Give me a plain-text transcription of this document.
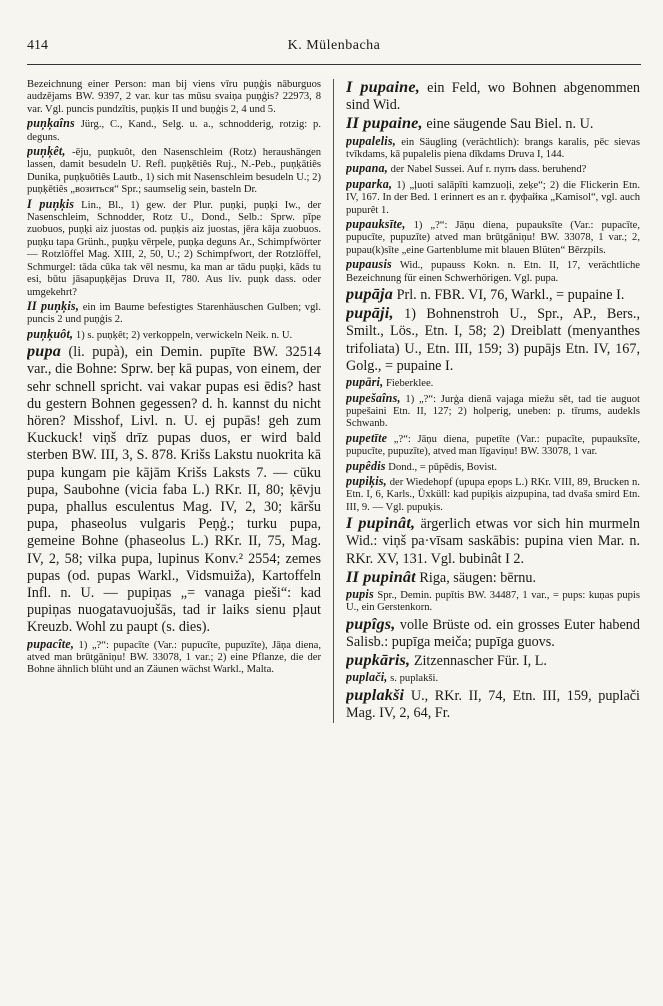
414	K. Mülenbacha

Bezeichnung einer Person: man bij viens vīru puņģis nāburguos audzējams BW. 9397, 2 var. kur tas mūsu svaiņa puņģis? 22973, 8 var. Vgl. puncis pundzītis, puņķis II und buņģis 2, 4 und 5.

puņķaîns Jürg., C., Kand., Selg. u. a., schnodderig, rotzig: p. deguns.

puņķêt, -ēju, puņkuôt, den Nasenschleim (Rotz) heraushängen lassen, damit besudeln U. Refl. puņķētiês Ruj., N.-Peb., puņķātiês Dunika, puņķuōtiês Lautb., 1) sich mit Nasenschleim besudeln U.; 2) puņķētiês „возиться“ Spr.; saumselig sein, basteln Dr.

I puņķis Lin., Bl., 1) gew. der Plur. puņķi, puņķi Iw., der Nasenschleim, Schnodder, Rotz U., Dond., Selb.: Sprw. pīpe zuobuos, puņķi aiz juostas od. puņķis aiz juostas, jēra kāja zuobuos. puņķu tapa Grünh., puņķu vērpele, puņķa deguns Ar., Schimpfwörter — Rotzlöffel Mag. XIII, 2, 50, U.; 2) Schimpfwort, der Rotzlöffel, Schmurgel: tāda cūka tak vēl nesmu, ka man ar tādu puņķi, kāds tu esi, būtu jāsapuņķējas Druva II, 780. Aus liv. puņk dass. oder umgekehrt?

II puņķis, ein im Baume befestigtes Starenhäuschen Gulben; vgl. puncis 2 und puņģis 2.

puņķuôt, 1) s. puņķêt; 2) verkoppeln, verwickeln Neik. n. U.

pupa (li. pupà), ein Demin. pupīte BW. 32514 var., die Bohne: Sprw. beŗ kā pupas, von einem, der sehr schnell spricht. vai vakar pupas esi ēdis? hast du gestern Bohnen gegessen? d. h. kannst du nicht hören? Misshof, Livl. n. U. ej pupās! geh zum Kuckuck! viņš drīz pupas duos, er wird bald sterben BW. III, 3, S. 878. Krišs Lakstu nuokrita kā pupa kungam pie kājām Krišs Laksts 7. — cūku pupa, Saubohne (vicia faba L.) RKr. II, 80; ķēvju pupa, phallus esculentus Mag. IV, 2, 30; kāršu pupa, phaseolus vulgaris Peņģ.; turku pupa, gemeine Bohne (phaseolus L.) RKr. II, 75, Mag. IV, 2, 58; vilka pupa, lupinus Konv.² 2554; zemes pupas (od. pupas Warkl., Vidsmuiža), Kartoffeln Infl. n. U. — pupiņas „= vanaga pieši“: kad pupiņas nuogatavuojušās, tad ir laiks sienu pļaut Kreuzb. Wohl zu paupt (s. dies).

pupacîte, 1) „?“: pupacīte (Var.: pupucīte, pupuzīte), Jāņa diena, atved man brūtgāniņu! BW. 33078, 1 var.; 2) eine Pflanze, die der Bohne ähnlich blüht und an Zäunen wächst Warkl., Malta.

I pupaine, ein Feld, wo Bohnen abgenommen sind Wid.

II pupaine, eine säugende Sau Biel. n. U.

pupalelis, ein Säugling (verächtlich): brangs karalis, pēc sievas tvīkdams, kā pupalelis piena dīkdams Druva I, 144.

pupana, der Nabel Sussei. Auf r. пупъ dass. beruhend?

puparka, 1) „ļuoti salāpīti kamzuoļi, zeķe“; 2) die Flickerin Etn. IV, 167. In der Bed. 1 erinnert es an r. фуфайка „Kamisol“, vgl. auch pupurêt 1.

pupauksīte, 1) „?“: Jāņu diena, pupauksīte (Var.: pupacīte, pupucīte, pupuzīte) atved man brūtgāniņu! BW. 33078, 1 var.; 2, pupau(k)sīte „eine Gartenblume mit blauen Blüten“ Bērzpils.

pupausis Wid., pupauss Kokn. n. Etn. II, 17, verächtliche Bezeichnung für einen Schwerhörigen. Vgl. pupa.

pupāja Prl. n. FBR. VI, 76, Warkl., = pupaine I.

pupāji, 1) Bohnenstroh U., Spr., AP., Bers., Smilt., Lös., Etn. I, 58; 2) Dreiblatt (menyanthes trifoliata) U., Etn. III, 159; 3) pupājs Etn. IV, 167, Golg., = pupaine I.

pupāri, Fieberklee.

pupešaîns, 1) „?“: Jurģa dienā vajaga miežu sēt, tad tie auguot pupešaini Etn. II, 127; 2) holperig, uneben: p. tīrums, audekls Schwanb.

pupetīte „?“: Jāņu diena, pupetīte (Var.: pupacīte, pupauksīte, pupucīte, pupuzīte), atved man līgaviņu! BW. 33078, 1 var.

pupêdis Dond., = pūpēdis, Bovist.

pupiķis, der Wiedehopf (upupa epops L.) RKr. VIII, 89, Brucken n. Etn. I, 6, Karls., Üxküll: kad pupiķis aizpupina, tad dvaša smird Etn. III, 9. — Vgl. pupuķis.

I pupinât, ärgerlich etwas vor sich hin murmeln Wid.: viņš pa·vīsam saskābis: pupina vien Mar. n. RKr. XV, 131. Vgl. bubinât I 2.

II pupinât Riga, säugen: bērnu.

pupis Spr., Demin. pupītis BW. 34487, 1 var., = pups: kuņas pupis U., ein Gerstenkorn.

pupîgs, volle Brüste od. ein grosses Euter habend Salisb.: pupīga meiča; pupīga guovs.

pupkāris, Zitzennascher Für. I, L.

puplači, s. puplakši.

puplakši U., RKr. II, 74, Etn. III, 159, puplači Mag. IV, 2, 64, Fr.
